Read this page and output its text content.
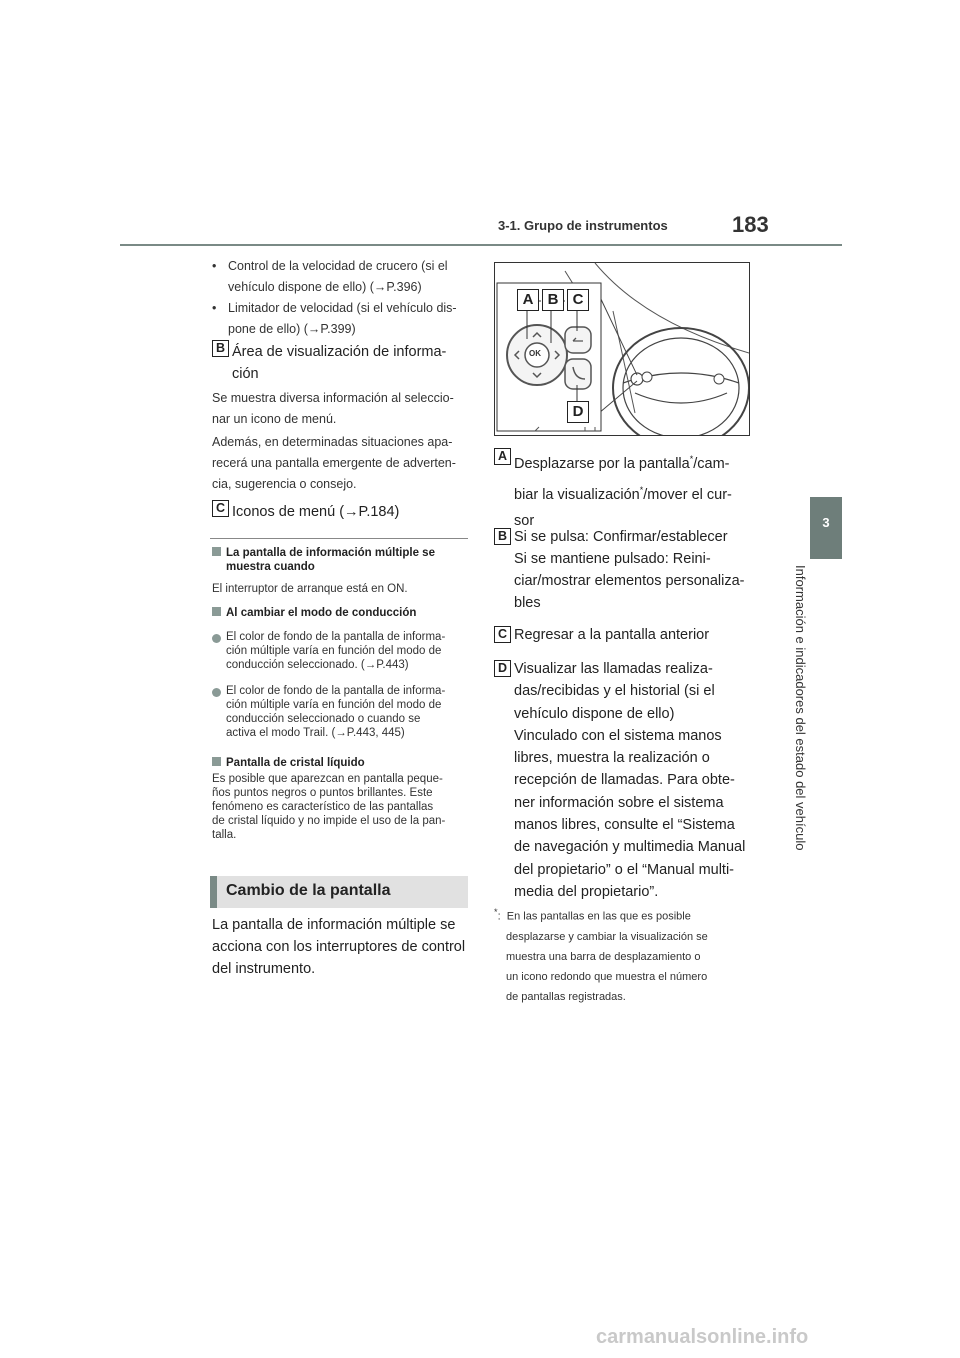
3-1. Grupo de instrumentos	183
3
Información e indicadores del estado del vehículo
• Control de la velocidad de crucero (si el
vehículo dispone de ello) (→P.396)
• Limitador de velocidad (si el vehículo dis-
pone de ello) (→P.399)
B Área de visualización de informa-
ción
Se muestra diversa información al seleccio-
nar un icono de menú.
Además, en determinadas situaciones apa-
recerá una pantalla emergente de adverten-
cia, sugerencia o consejo.
C Iconos de menú (→P.184)
La pantalla de información múltiple se
muestra cuando
El interruptor de arranque está en ON.
Al cambiar el modo de conducción
El color de fondo de la pantalla de informa-
ción múltiple varía en función del modo de
conducción seleccionado. (→P.443)
El color de fondo de la pantalla de informa-
ción múltiple varía en función del modo de
conducción seleccionado o cuando se
activa el modo Trail. (→P.443, 445)
Pantalla de cristal líquido
Es posible que aparezcan en pantalla peque-
ños puntos negros o puntos brillantes. Este
fenómeno es característico de las pantallas
de cristal líquido y no impide el uso de la pan-
talla.
Cambio de la pantalla
La pantalla de información múltiple se
acciona con los interruptores de control
del instrumento.
A B C
D
OK
A Desplazarse por la pantalla*/cam-
biar la visualización*/mover el cur-
sor
B Si se pulsa: Confirmar/establecer
Si se mantiene pulsado: Reini-
ciar/mostrar elementos personaliza-
bles
C Regresar a la pantalla anterior
D Visualizar las llamadas realiza-
das/recibidas y el historial (si el
vehículo dispone de ello)
Vinculado con el sistema manos
libres, muestra la realización o
recepción de llamadas. Para obte-
ner información sobre el sistema
manos libres, consulte el “Sistema
de navegación y multimedia Manual
del propietario” o el “Manual multi-
media del propietario”.
*:  En las pantallas en las que es posible
desplazarse y cambiar la visualización se
muestra una barra de desplazamiento o
un icono redondo que muestra el número
de pantallas registradas.
carmanualsonline.info
